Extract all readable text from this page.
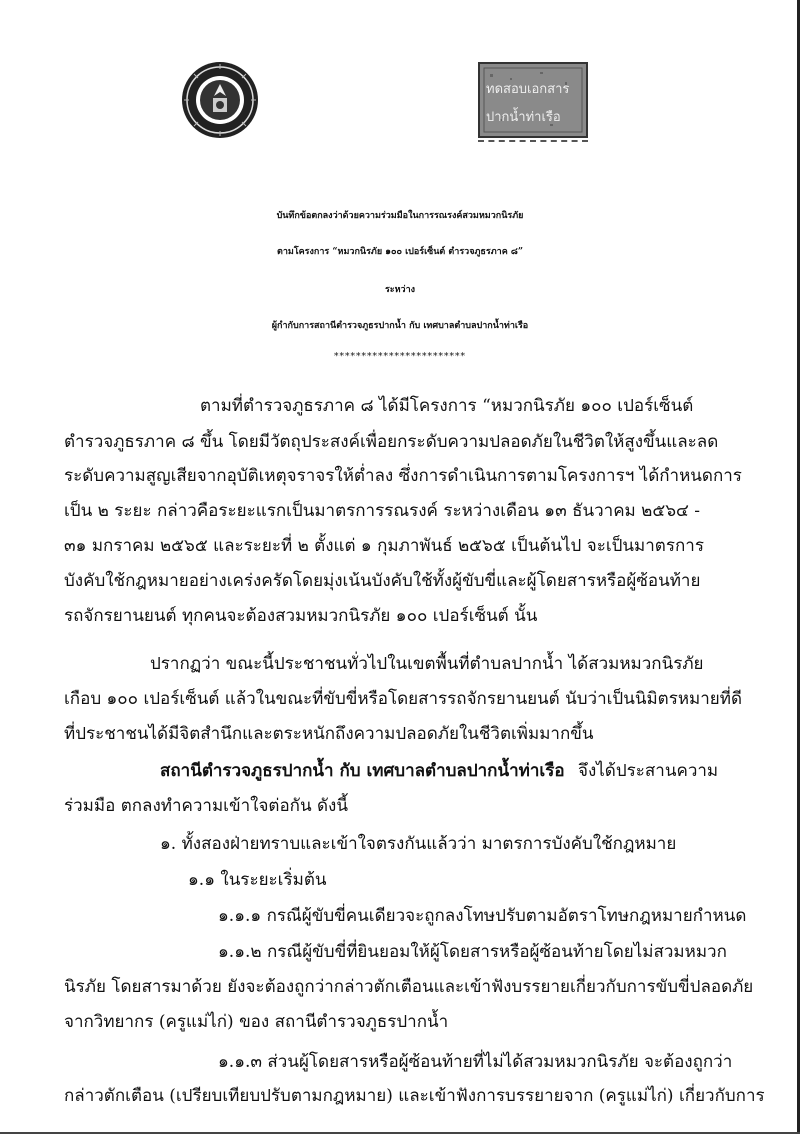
ทดสอบเอกสาร
ปากน้ำท่าเรือ
บันทึกข้อตกลงว่าด้วยความร่วมมือในการรณรงค์สวมหมวกนิรภัย
ตามโครงการ “หมวกนิรภัย ๑๐๐ เปอร์เซ็นต์ ตำรวจภูธรภาค ๘”
ระหว่าง
ผู้กำกับการสถานีตำรวจภูธรปากน้ำ กับ เทศบาลตำบลปากน้ำท่าเรือ
************************
ตามที่ตำรวจภูธรภาค ๘ ได้มีโครงการ “หมวกนิรภัย ๑๐๐ เปอร์เซ็นต์
ตำรวจภูธรภาค ๘ ขึ้น โดยมีวัตถุประสงค์เพื่อยกระดับความปลอดภัยในชีวิตให้สูงขึ้นและลด
ระดับความสูญเสียจากอุบัติเหตุจราจรให้ต่ำลง ซึ่งการดำเนินการตามโครงการฯ ได้กำหนดการ
เป็น ๒ ระยะ กล่าวคือระยะแรกเป็นมาตรการรณรงค์ ระหว่างเดือน ๑๓ ธันวาคม ๒๕๖๔ -
๓๑ มกราคม ๒๕๖๕ และระยะที่ ๒ ตั้งแต่ ๑ กุมภาพันธ์ ๒๕๖๕ เป็นต้นไป จะเป็นมาตรการ
บังคับใช้กฎหมายอย่างเคร่งครัดโดยมุ่งเน้นบังคับใช้ทั้งผู้ขับขี่และผู้โดยสารหรือผู้ซ้อนท้าย
รถจักรยานยนต์ ทุกคนจะต้องสวมหมวกนิรภัย ๑๐๐ เปอร์เซ็นต์ นั้น
ปรากฏว่า ขณะนี้ประชาชนทั่วไปในเขตพื้นที่ตำบลปากน้ำ ได้สวมหมวกนิรภัย
เกือบ ๑๐๐ เปอร์เซ็นต์ แล้วในขณะที่ขับขี่หรือโดยสารรถจักรยานยนต์ นับว่าเป็นนิมิตรหมายที่ดี
ที่ประชาชนได้มีจิตสำนึกและตระหนักถึงความปลอดภัยในชีวิตเพิ่มมากขึ้น
สถานีตำรวจภูธรปากน้ำ กับ เทศบาลตำบลปากน้ำท่าเรือ จึงได้ประสานความ
ร่วมมือ ตกลงทำความเข้าใจต่อกัน ดังนี้
๑. ทั้งสองฝ่ายทราบและเข้าใจตรงกันแล้วว่า มาตรการบังคับใช้กฎหมาย
๑.๑ ในระยะเริ่มต้น
๑.๑.๑ กรณีผู้ขับขี่คนเดียวจะถูกลงโทษปรับตามอัตราโทษกฎหมายกำหนด
๑.๑.๒ กรณีผู้ขับขี่ที่ยินยอมให้ผู้โดยสารหรือผู้ซ้อนท้ายโดยไม่สวมหมวก
นิรภัย โดยสารมาด้วย ยังจะต้องถูกว่ากล่าวตักเตือนและเข้าฟังบรรยายเกี่ยวกับการขับขี่ปลอดภัย
จากวิทยากร (ครูแม่ไก่) ของ สถานีตำรวจภูธรปากน้ำ
๑.๑.๓ ส่วนผู้โดยสารหรือผู้ซ้อนท้ายที่ไม่ได้สวมหมวกนิรภัย จะต้องถูกว่า
กล่าวตักเตือน (เปรียบเทียบปรับตามกฎหมาย) และเข้าฟังการบรรยายจาก (ครูแม่ไก่) เกี่ยวกับการ
